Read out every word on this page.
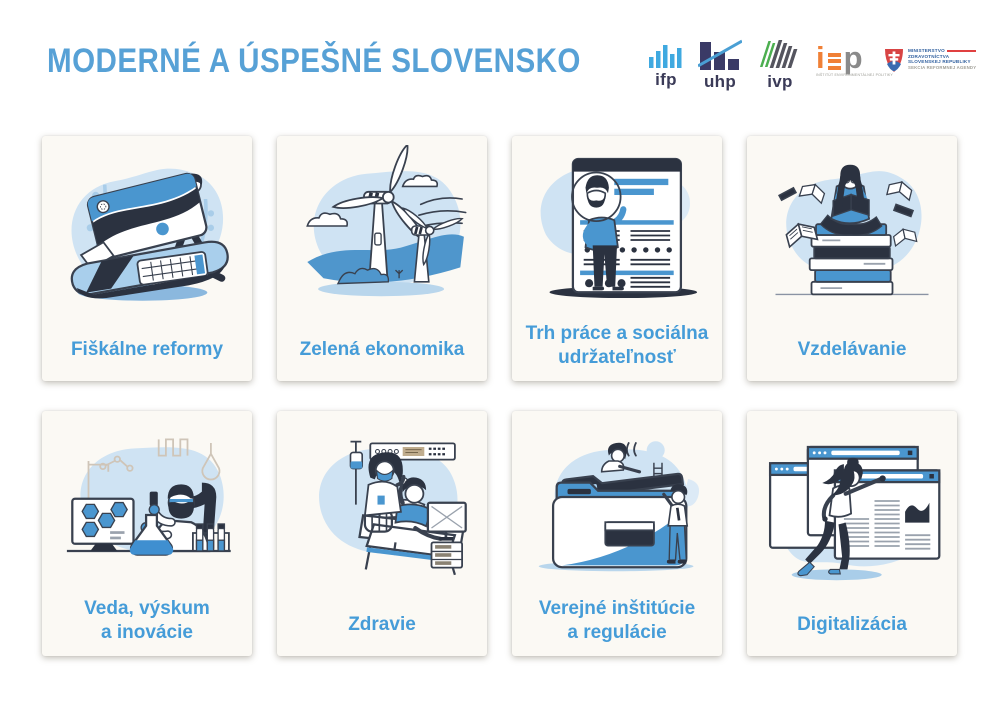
MODERNÉ A ÚSPEŠNÉ SLOVENSKO	ifp uhp ivp
i p
INŠTITÚT ENVIRONMENTÁLNEJ POLITIKY
MINISTERSTVO
ZDRAVOTNÍCTVA
SLOVENSKEJ REPUBLIKY
SEKCIA REFORMNEJ AGENDY
Fiškálne reformy	Zelená ekonomika
Trh práce a sociálna
udržateľnosť	Vzdelávanie
Veda, výskum
a inovácie	Zdravie
Verejné inštitúcie
a regulácie	Digitalizácia
